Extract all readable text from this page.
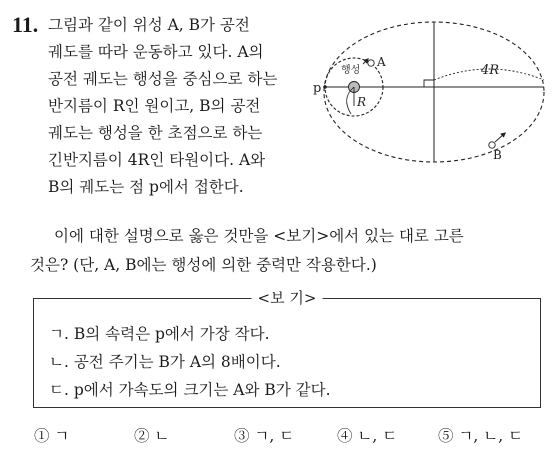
11. 그림과 같이 위성 A, B가 공전
궤도를 따라 운동하고 있다. A의
공전 궤도는 행성을 중심으로 하는
반지름이 R인 원이고, B의 공전
궤도는 행성을 한 초점으로 하는
긴반지름이 4R인 타원이다. A와
B의 궤도는 점 p에서 접한다.
4R
행성
R
p
A
B
이에 대한 설명으로 옳은 것만을 <보기>에서 있는 대로 고른
것은? (단, A, B에는 행성에 의한 중력만 작용한다.)
<보 기>
ㄱ. B의 속력은 p에서 가장 작다.
ㄴ. 공전 주기는 B가 A의 8배이다.
ㄷ. p에서 가속도의 크기는 A와 B가 같다.
① ㄱ	② ㄴ	③ ㄱ, ㄷ	④ ㄴ, ㄷ	⑤ ㄱ, ㄴ, ㄷ
